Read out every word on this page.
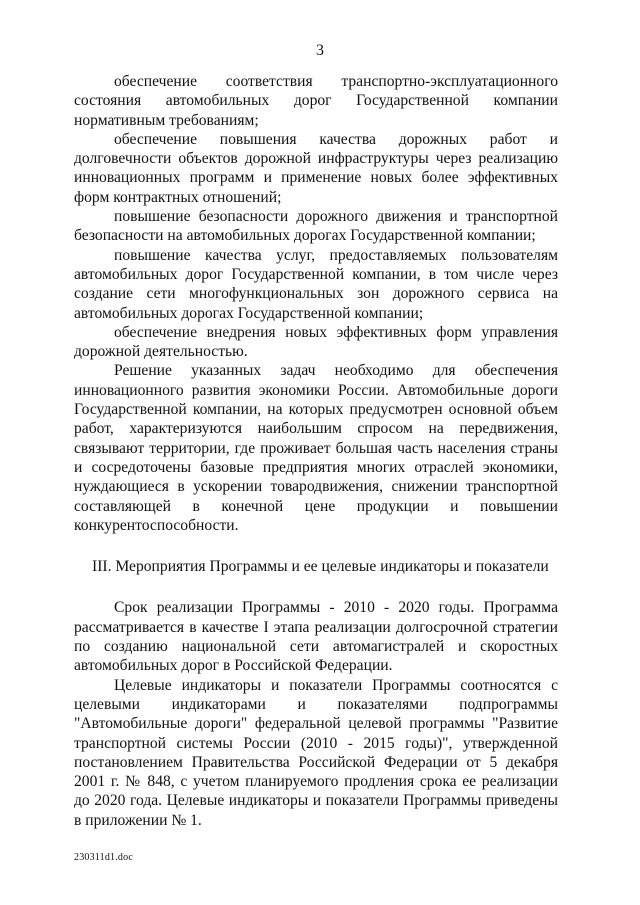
3

обеспечение соответствия транспортно-эксплуатационного состояния автомобильных дорог Государственной компании нормативным требованиям;

обеспечение повышения качества дорожных работ и долговечности объектов дорожной инфраструктуры через реализацию инновационных программ и применение новых более эффективных форм контрактных отношений;

повышение безопасности дорожного движения и транспортной безопасности на автомобильных дорогах Государственной компании;

повышение качества услуг, предоставляемых пользователям автомобильных дорог Государственной компании, в том числе через создание сети многофункциональных зон дорожного сервиса на автомобильных дорогах Государственной компании;

обеспечение внедрения новых эффективных форм управления дорожной деятельностью.

Решение указанных задач необходимо для обеспечения инновационного развития экономики России. Автомобильные дороги Государственной компании, на которых предусмотрен основной объем работ, характеризуются наибольшим спросом на передвижения, связывают территории, где проживает большая часть населения страны и сосредоточены базовые предприятия многих отраслей экономики, нуждающиеся в ускорении товародвижения, снижении транспортной составляющей в конечной цене продукции и повышении конкурентоспособности.

III. Мероприятия Программы и ее целевые индикаторы и показатели

Срок реализации Программы - 2010 - 2020 годы. Программа рассматривается в качестве I этапа реализации долгосрочной стратегии по созданию национальной сети автомагистралей и скоростных автомобильных дорог в Российской Федерации.

Целевые индикаторы и показатели Программы соотносятся с целевыми индикаторами и показателями подпрограммы "Автомобильные дороги" федеральной целевой программы "Развитие транспортной системы России (2010 - 2015 годы)", утвержденной постановлением Правительства Российской Федерации от 5 декабря 2001 г. № 848, с учетом планируемого продления срока ее реализации до 2020 года. Целевые индикаторы и показатели Программы приведены в приложении № 1.

230311d1.doc
